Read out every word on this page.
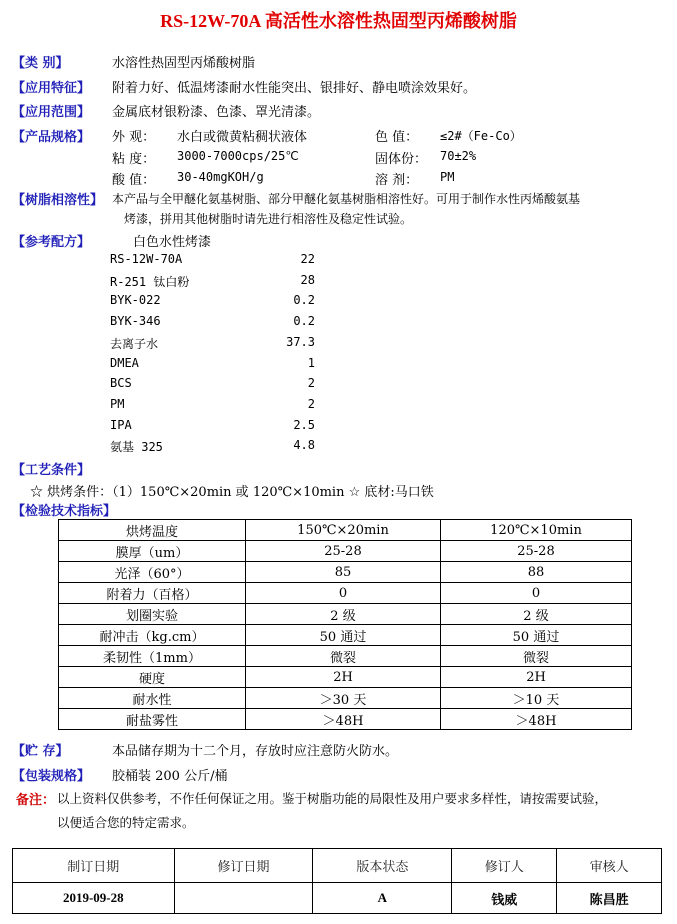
RS-12W-70A 高活性水溶性热固型丙烯酸树脂
【类 别】	水溶性热固型丙烯酸树脂
【应用特征】 附着力好、低温烤漆耐水性能突出、银排好、静电喷涂效果好。
【应用范围】 金属底材银粉漆、色漆、罩光清漆。
【产品规格】 外 观： 水白或微黄粘稠状液体	色 值： ≤2#（Fe-Co）
粘 度： 3000-7000cps/25℃	固体份： 70±2%
酸 值： 30-40mgKOH/g	溶 剂： PM
【树脂相溶性】 本产品与全甲醚化氨基树脂、部分甲醚化氨基树脂相溶性好。可用于制作水性丙烯酸氨基
烤漆，拼用其他树脂时请先进行相溶性及稳定性试验。
【参考配方】	白色水性烤漆
RS-12W-70A	22
R-251 钛白粉	28
BYK-022	0.2
BYK-346	0.2
去离子水	37.3
DMEA	1
BCS	2
PM	2
IPA	2.5
氨基 325	4.8
【工艺条件】
☆ 烘烤条件：（1）150℃×20min 或 120℃×10min ☆ 底材:马口铁
【检验技术指标】
烘烤温度	150℃×20min	120℃×10min
膜厚（um）	25-28	25-28
光泽（60°）	85	88
附着力（百格）	0	0
划圈实验	2 级	2 级
耐冲击（kg.cm）	50 通过	50 通过
柔韧性（1mm）	微裂	微裂
硬度	2H	2H
耐水性	＞30 天	＞10 天
耐盐雾性	＞48H	＞48H
【贮 存】	本品储存期为十二个月，存放时应注意防火防水。
【包装规格】 胶桶装 200 公斤/桶
备注： 以上资料仅供参考，不作任何保证之用。鉴于树脂功能的局限性及用户要求多样性，请按需要试验，
以便适合您的特定需求。
制订日期	修订日期	版本状态	修订人	审核人
2019-09-28		A	钱威	陈昌胜
